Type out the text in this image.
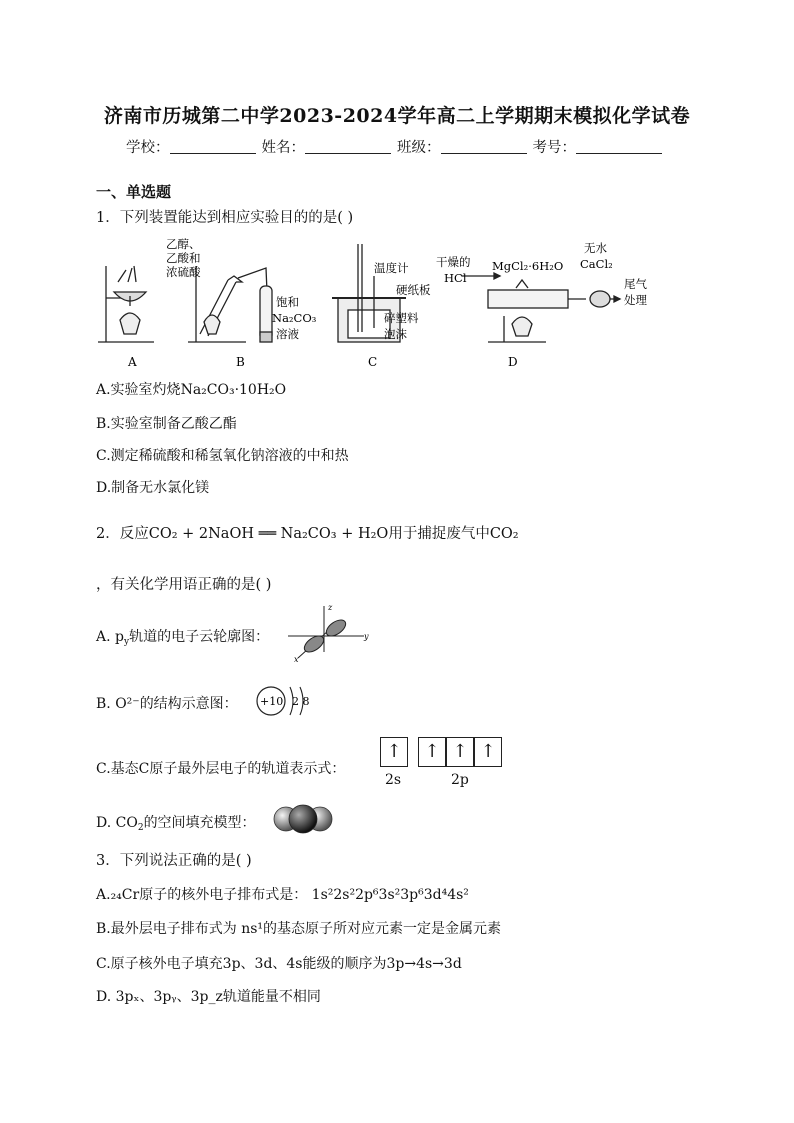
济南市历城第二中学2023-2024学年高二上学期期末模拟化学试卷
学校：	姓名：	班级：	考号：
一、单选题
1．下列装置能达到相应实验目的的是( )
A	B	C	D
乙醇、
乙酸和
浓硫酸
饱和
Na₂CO₃
溶液
温度计
硬纸板
碎塑料
泡沫
干燥的
HCl
MgCl₂·6H₂O
无水
CaCl₂
尾气
处理
A.实验室灼烧Na₂CO₃·10H₂O
B.实验室制备乙酸乙酯
C.测定稀硫酸和稀氢氧化钠溶液的中和热
D.制备无水氯化镁
2．反应CO₂ + 2NaOH ══ Na₂CO₃ + H₂O用于捕捉废气中CO₂
，有关化学用语正确的是( )
A. $p_y$轨道的电子云轮廓图：
z
y
x
B. O²⁻的结构示意图： +10 2 8
C.基态C原子最外层电子的轨道表示式：
↑	↑ ↑ ↑
2s	2p
D. $CO_2$的空间填充模型：
3．下列说法正确的是( )
A.₂₄Cr原子的核外电子排布式是： 1s²2s²2p⁶3s²3p⁶3d⁴4s²
B.最外层电子排布式为 ns¹的基态原子所对应元素一定是金属元素
C.原子核外电子填充3p、3d、4s能级的顺序为3p→4s→3d
D. 3pₓ、3pᵧ、3p_z轨道能量不相同
